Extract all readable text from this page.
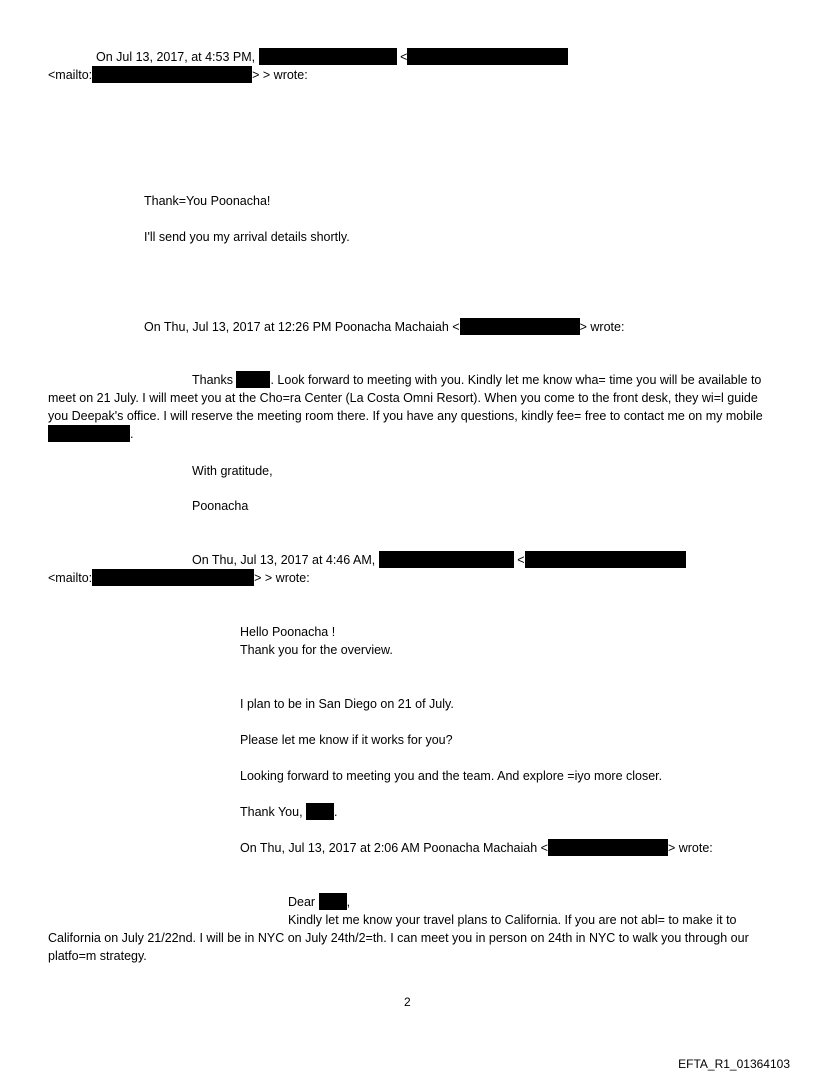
On Jul 13, 2017, at 4:53 PM,	<
<mailto:	> > wrote:
Thank=You Poonacha!
I'll send you my arrival details shortly.
On Thu, Jul 13, 2017 at 12:26 PM Poonacha Machaiah <	> wrote:
Thanks	. Look forward to meeting with you. Kindly let me know wha= time you will be available to meet on 21 July. I will meet you at the Cho=ra Center (La Costa Omni Resort). When you come to the front desk, they wi=l guide you Deepak's office. I will reserve the meeting room there. If you have any questions, kindly fee= free to contact me on my mobile .
With gratitude,
Poonacha
On Thu, Jul 13, 2017 at 4:46 AM,	<
<mailto:	> > wrote:
Hello Poonacha !
Thank you for the overview.
I plan to be in San Diego on 21 of July.
Please let me know if it works for you?
Looking forward to meeting you and the team. And explore =iyo more closer.
Thank You,	.
On Thu, Jul 13, 2017 at 2:06 AM Poonacha Machaiah <	> wrote:
Dear	,
Kindly let me know your travel plans to California. If you are not abl= to make it to California on July 21/22nd. I will be in NYC on July 24th/2=th. I can meet you in person on 24th in NYC to walk you through our platfo=m strategy.
2
EFTA_R1_01364103
